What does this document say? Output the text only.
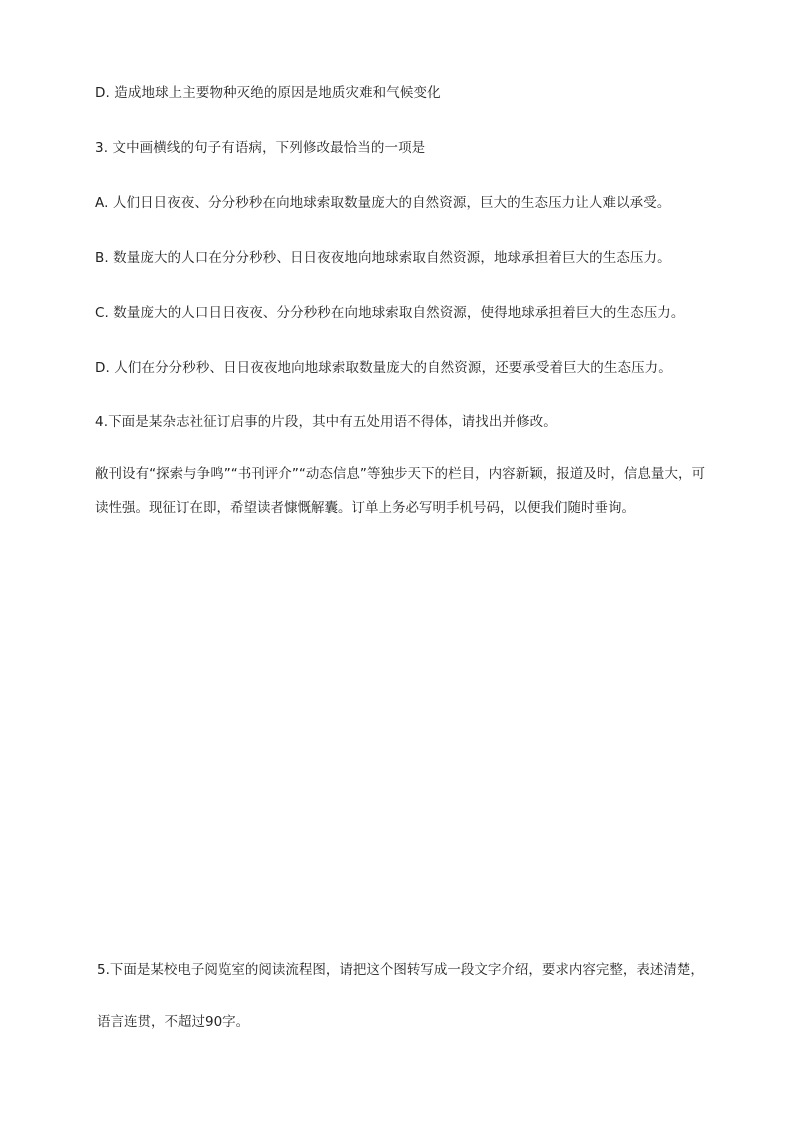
D. 造成地球上主要物种灭绝的原因是地质灾难和气候变化
3. 文中画横线的句子有语病，下列修改最恰当的一项是
A. 人们日日夜夜、分分秒秒在向地球索取数量庞大的自然资源，巨大的生态压力让人难以承受。
B. 数量庞大的人口在分分秒秒、日日夜夜地向地球索取自然资源，地球承担着巨大的生态压力。
C. 数量庞大的人口日日夜夜、分分秒秒在向地球索取自然资源，使得地球承担着巨大的生态压力。
D. 人们在分分秒秒、日日夜夜地向地球索取数量庞大的自然资源，还要承受着巨大的生态压力。
4.下面是某杂志社征订启事的片段，其中有五处用语不得体，请找出并修改。
敝刊设有“探索与争鸣”“书刊评介”“动态信息”等独步天下的栏目，内容新颖，报道及时，信息量大，可读性强。现征订在即，希望读者慷慨解囊。订单上务必写明手机号码，以便我们随时垂询。
5.下面是某校电子阅览室的阅读流程图，请把这个图转写成一段文字介绍，要求内容完整，表述清楚，语言连贯，不超过90字。
